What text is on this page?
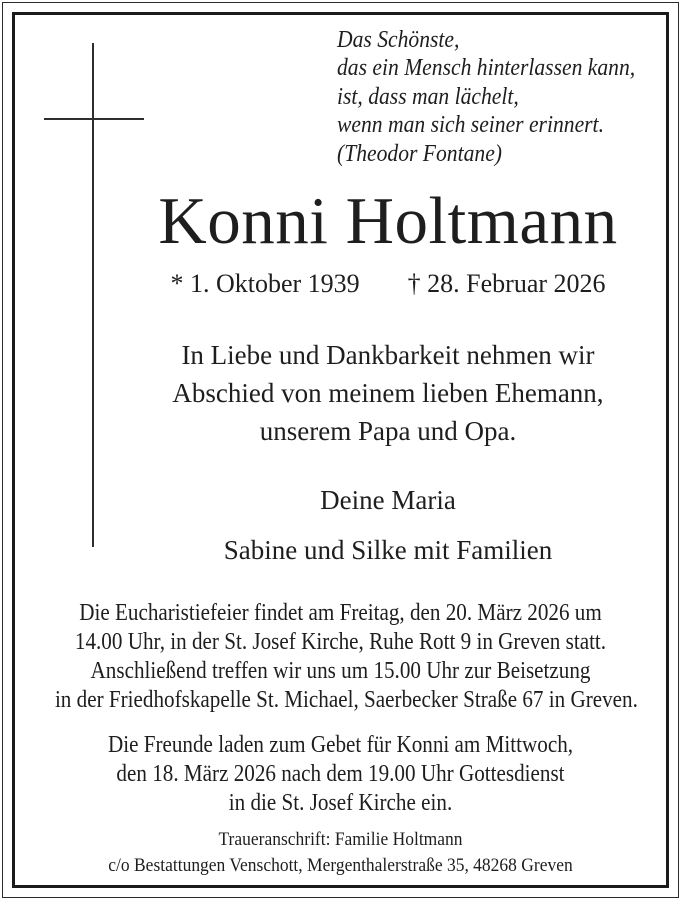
Das Schönste,
das ein Mensch hinterlassen kann,
ist, dass man lächelt,
wenn man sich seiner erinnert.
(Theodor Fontane)
Konni Holtmann
* 1. Oktober 1939 † 28. Februar 2026
In Liebe und Dankbarkeit nehmen wir
Abschied von meinem lieben Ehemann,
unserem Papa und Opa.
Deine Maria
Sabine und Silke mit Familien
Die Eucharistiefeier findet am Freitag, den 20. März 2026 um
14.00 Uhr, in der St. Josef Kirche, Ruhe Rott 9 in Greven statt.
Anschließend treffen wir uns um 15.00 Uhr zur Beisetzung
in der Friedhofskapelle St. Michael, Saerbecker Straße 67 in Greven.
Die Freunde laden zum Gebet für Konni am Mittwoch,
den 18. März 2026 nach dem 19.00 Uhr Gottesdienst
in die St. Josef Kirche ein.
Traueranschrift: Familie Holtmann
c/o Bestattungen Venschott, Mergenthalerstraße 35, 48268 Greven
